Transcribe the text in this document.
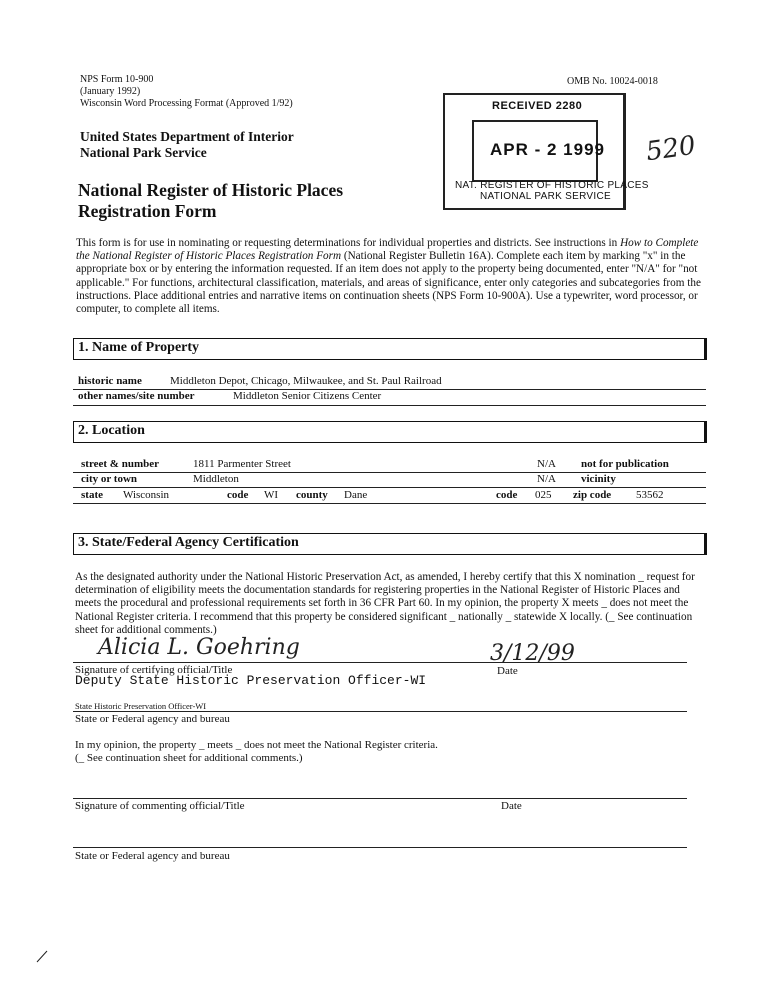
NPS Form 10-900
(January 1992)
Wisconsin Word Processing Format (Approved 1/92)
OMB No. 10024-0018
United States Department of Interior
National Park Service
National Register of Historic Places
Registration Form
RECEIVED 2280
APR - 2 1999
NAT. REGISTER OF HISTORIC PLACES
NATIONAL PARK SERVICE
520
This form is for use in nominating or requesting determinations for individual properties and districts. See instructions in How to Complete the National Register of Historic Places Registration Form (National Register Bulletin 16A). Complete each item by marking "x" in the appropriate box or by entering the information requested. If an item does not apply to the property being documented, enter "N/A" for "not applicable." For functions, architectural classification, materials, and areas of significance, enter only categories and subcategories from the instructions. Place additional entries and narrative items on continuation sheets (NPS Form 10-900A). Use a typewriter, word processor, or computer, to complete all items.
1. Name of Property
historic name	Middleton Depot, Chicago, Milwaukee, and St. Paul Railroad
other names/site number	Middleton Senior Citizens Center
2. Location
street & number	1811 Parmenter Street	N/A not for publication
city or town	Middleton	N/A vicinity
state Wisconsin	code WI county Dane	code 025 zip code 53562
3. State/Federal Agency Certification
As the designated authority under the National Historic Preservation Act, as amended, I hereby certify that this X nomination _ request for determination of eligibility meets the documentation standards for registering properties in the National Register of Historic Places and meets the procedural and professional requirements set forth in 36 CFR Part 60. In my opinion, the property X meets _ does not meet the National Register criteria. I recommend that this property be considered significant _ nationally _ statewide X locally. (_ See continuation sheet for additional comments.)
Alicia L. Goehring	3/12/99
Signature of certifying official/Title	Date
Deputy State Historic Preservation Officer-WI
State Historic Preservation Officer-WI
State or Federal agency and bureau
In my opinion, the property _ meets _ does not meet the National Register criteria.
(_ See continuation sheet for additional comments.)
Signature of commenting official/Title	Date
State or Federal agency and bureau
